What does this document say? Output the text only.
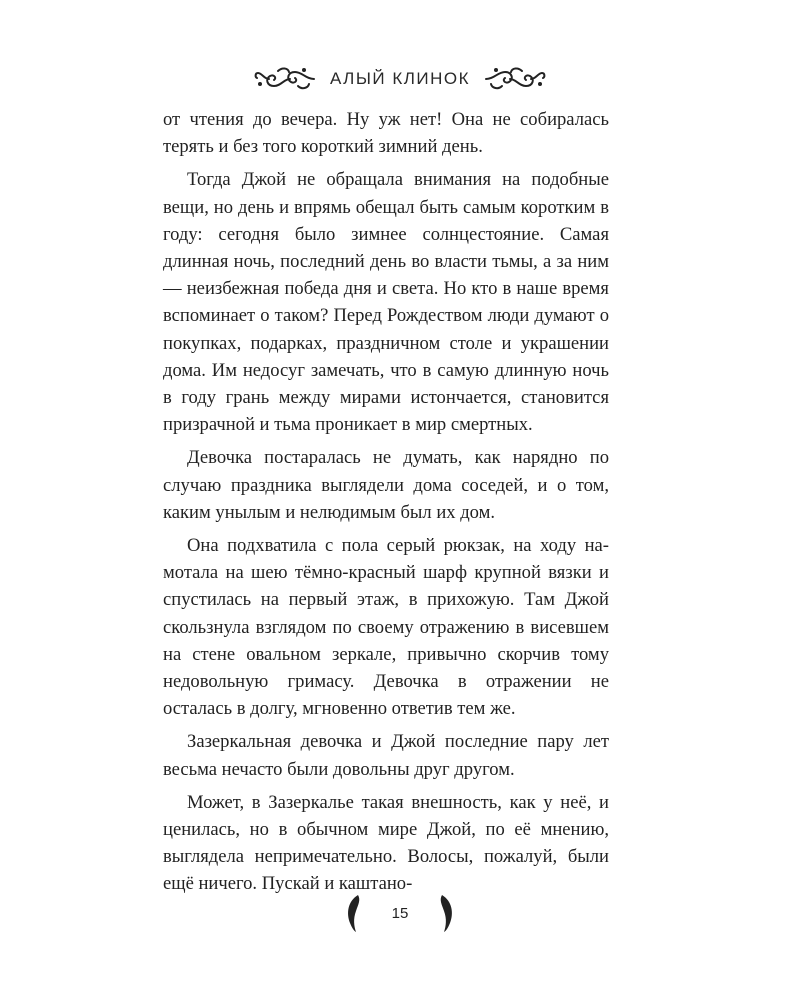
АЛЫЙ КЛИНОК

от чтения до вечера. Ну уж нет! Она не собиралась терять и без того короткий зимний день.

Тогда Джой не обращала внимания на подобные вещи, но день и впрямь обещал быть самым коротким в году: сегодня было зимнее солнцестояние. Самая длинная ночь, последний день во власти тьмы, а за ним — неизбежная победа дня и света. Но кто в наше время вспоминает о таком? Перед Рождеством люди думают о покупках, подарках, праздничном столе и украшении дома. Им недосуг замечать, что в самую длинную ночь в году грань между мирами истончается, становится призрачной и тьма проникает в мир смертных.

Девочка постаралась не думать, как нарядно по случаю праздника выглядели дома соседей, и о том, каким унылым и нелюдимым был их дом.

Она подхватила с пола серый рюкзак, на ходу намотала на шею тёмно-красный шарф крупной вязки и спустилась на первый этаж, в прихожую. Там Джой скользнула взглядом по своему отражению в висевшем на стене овальном зеркале, привычно скорчив тому недовольную гримасу. Девочка в отражении не осталась в долгу, мгновенно ответив тем же.

Зазеркальная девочка и Джой последние пару лет весьма нечасто были довольны друг другом.

Может, в Зазеркалье такая внешность, как у неё, и ценилась, но в обычном мире Джой, по её мнению, выглядела непримечательно. Волосы, пожалуй, были ещё ничего. Пускай и каштано-

15
